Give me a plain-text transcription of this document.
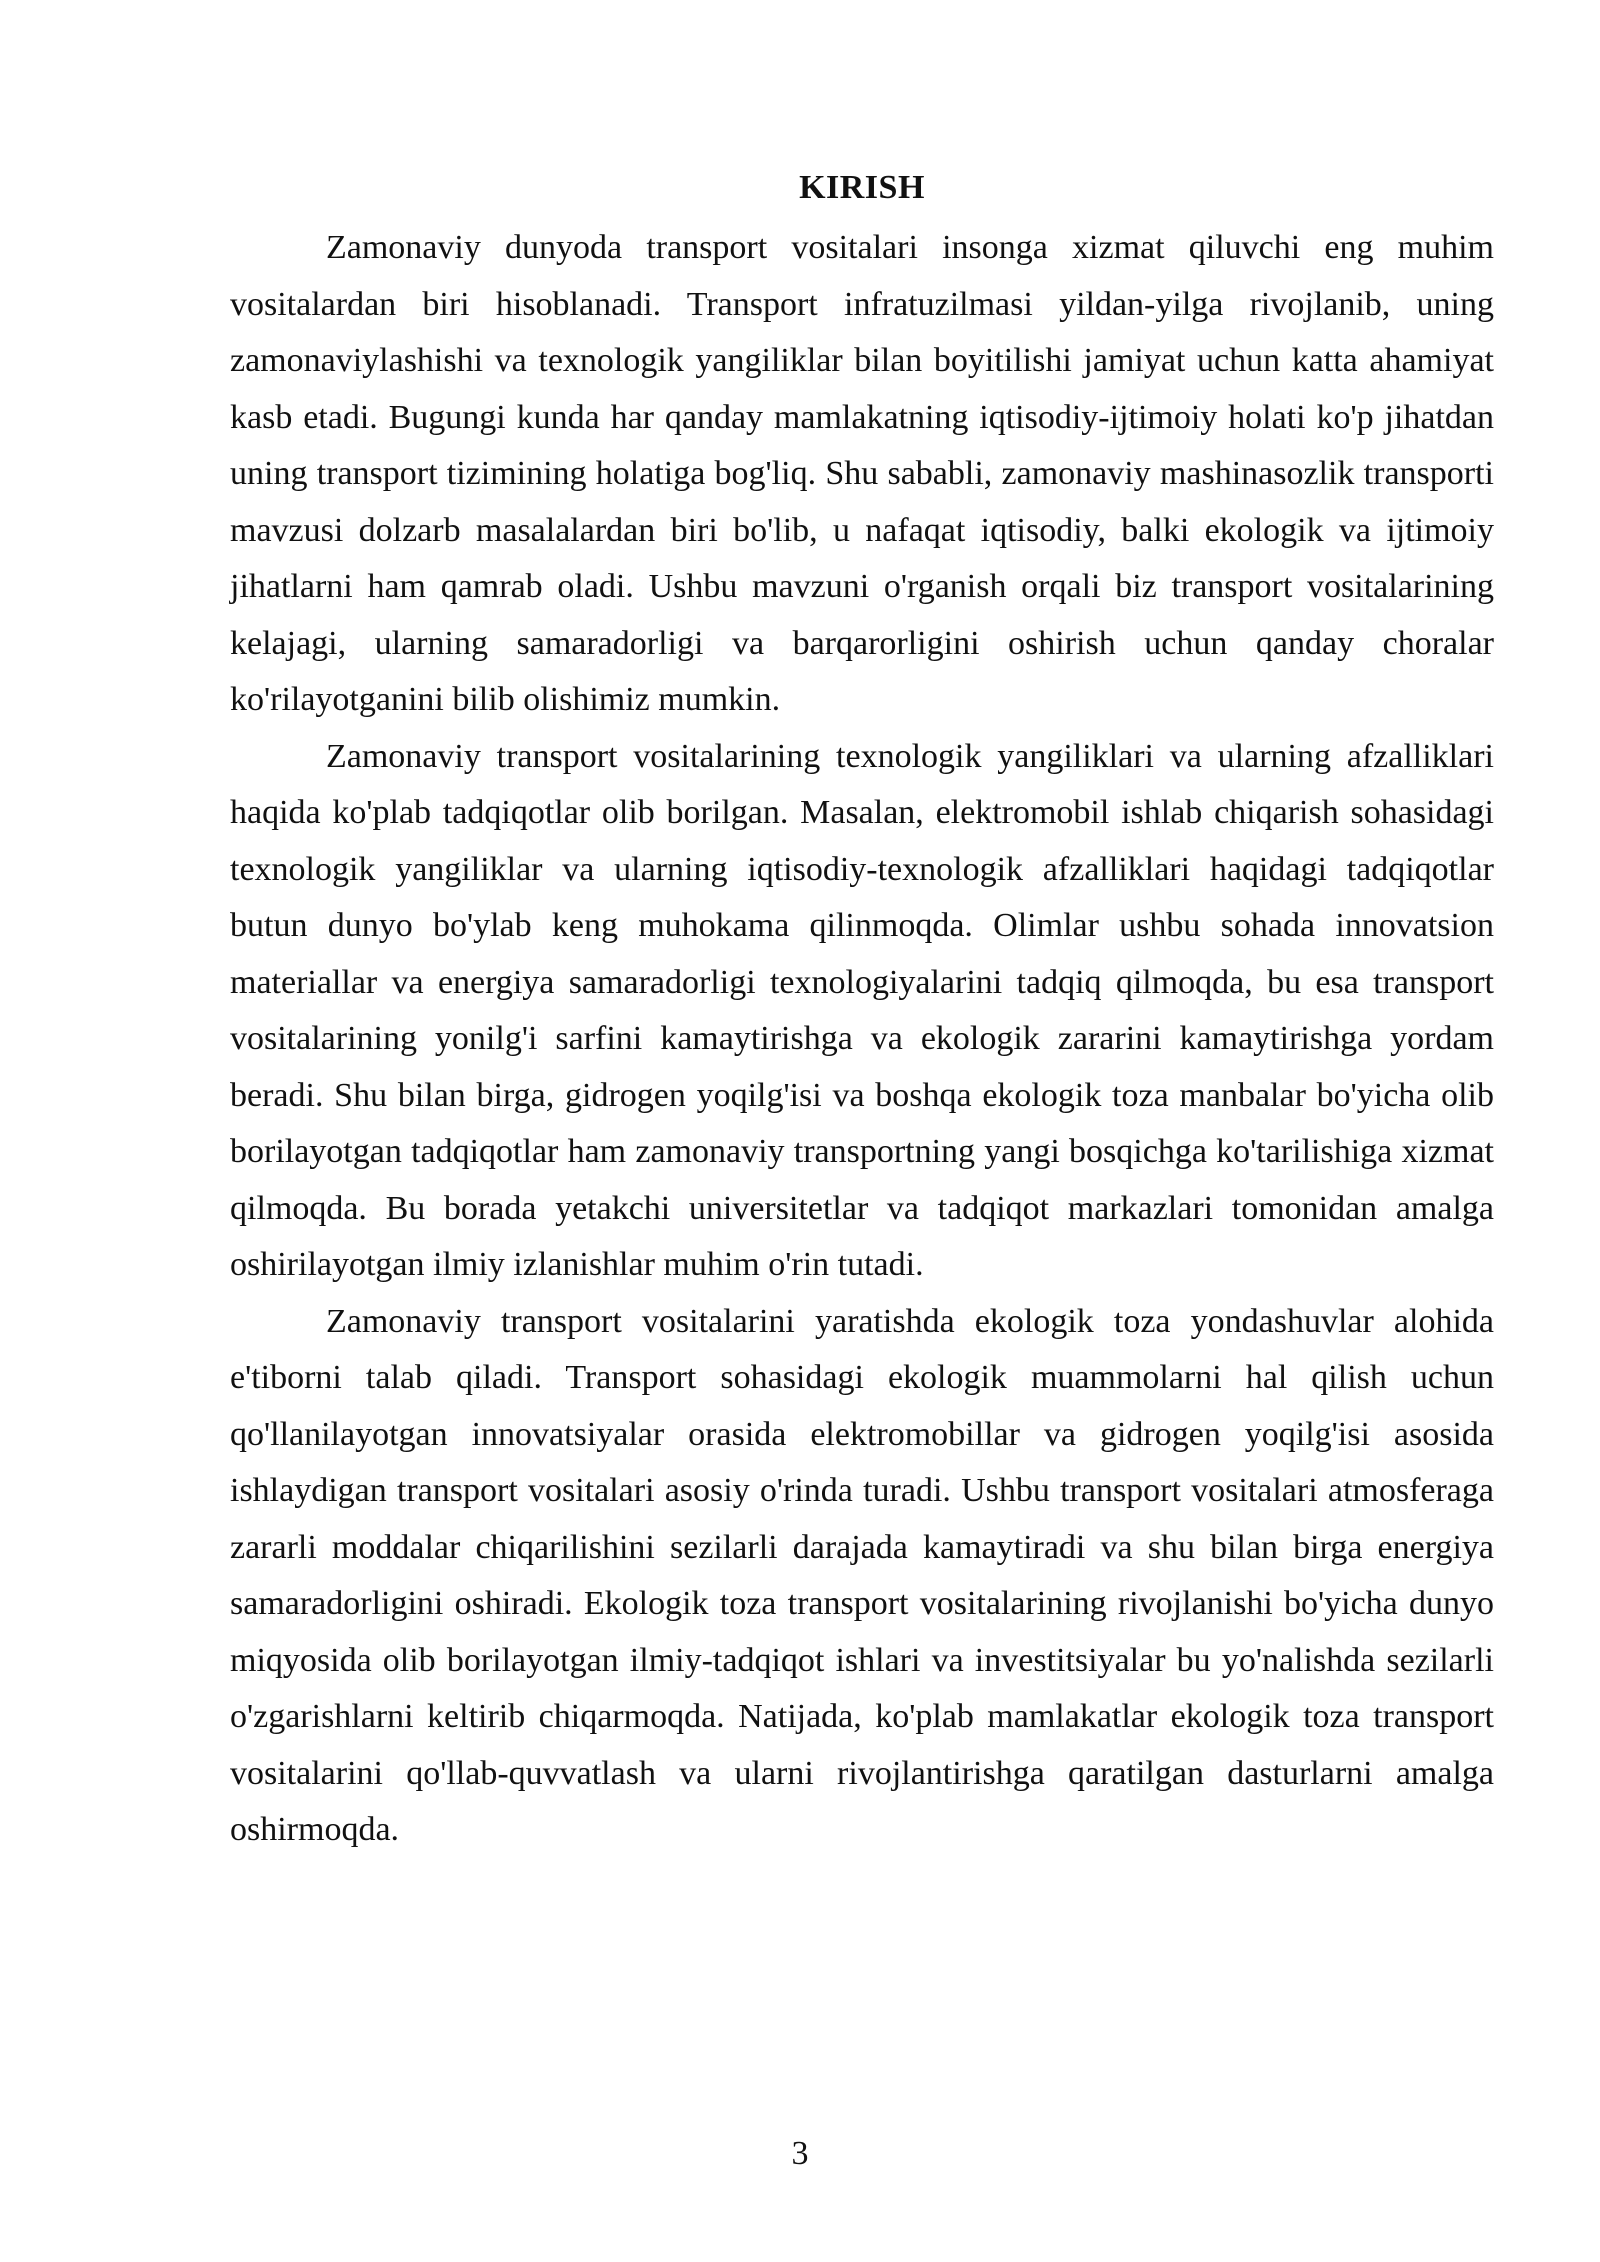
KIRISH

Zamonaviy dunyoda transport vositalari insonga xizmat qiluvchi eng muhim vositalardan biri hisoblanadi. Transport infratuzilmasi yildan-yilga rivojlanib, uning zamonaviylashishi va texnologik yangiliklar bilan boyitilishi jamiyat uchun katta ahamiyat kasb etadi. Bugungi kunda har qanday mamlakatning iqtisodiy-ijtimoiy holati ko'p jihatdan uning transport tizimining holatiga bog'liq. Shu sababli, zamonaviy mashinasozlik transporti mavzusi dolzarb masalalardan biri bo'lib, u nafaqat iqtisodiy, balki ekologik va ijtimoiy jihatlarni ham qamrab oladi. Ushbu mavzuni o'rganish orqali biz transport vositalarining kelajagi, ularning samaradorligi va barqarorligini oshirish uchun qanday choralar ko'rilayotganini bilib olishimiz mumkin.

Zamonaviy transport vositalarining texnologik yangiliklari va ularning afzalliklari haqida ko'plab tadqiqotlar olib borilgan. Masalan, elektromobil ishlab chiqarish sohasidagi texnologik yangiliklar va ularning iqtisodiy-texnologik afzalliklari haqidagi tadqiqotlar butun dunyo bo'ylab keng muhokama qilinmoqda. Olimlar ushbu sohada innovatsion materiallar va energiya samaradorligi texnologiyalarini tadqiq qilmoqda, bu esa transport vositalarining yonilg'i sarfini kamaytirishga va ekologik zararini kamaytirishga yordam beradi. Shu bilan birga, gidrogen yoqilg'isi va boshqa ekologik toza manbalar bo'yicha olib borilayotgan tadqiqotlar ham zamonaviy transportning yangi bosqichga ko'tarilishiga xizmat qilmoqda. Bu borada yetakchi universitetlar va tadqiqot markazlari tomonidan amalga oshirilayotgan ilmiy izlanishlar muhim o'rin tutadi.

Zamonaviy transport vositalarini yaratishda ekologik toza yondashuvlar alohida e'tiborni talab qiladi. Transport sohasidagi ekologik muammolarni hal qilish uchun qo'llanilayotgan innovatsiyalar orasida elektromobillar va gidrogen yoqilg'isi asosida ishlaydigan transport vositalari asosiy o'rinda turadi. Ushbu transport vositalari atmosferaga zararli moddalar chiqarilishini sezilarli darajada kamaytiradi va shu bilan birga energiya samaradorligini oshiradi. Ekologik toza transport vositalarining rivojlanishi bo'yicha dunyo miqyosida olib borilayotgan ilmiy-tadqiqot ishlari va investitsiyalar bu yo'nalishda sezilarli o'zgarishlarni keltirib chiqarmoqda. Natijada, ko'plab mamlakatlar ekologik toza transport vositalarini qo'llab-quvvatlash va ularni rivojlantirishga qaratilgan dasturlarni amalga oshirmoqda.

3
